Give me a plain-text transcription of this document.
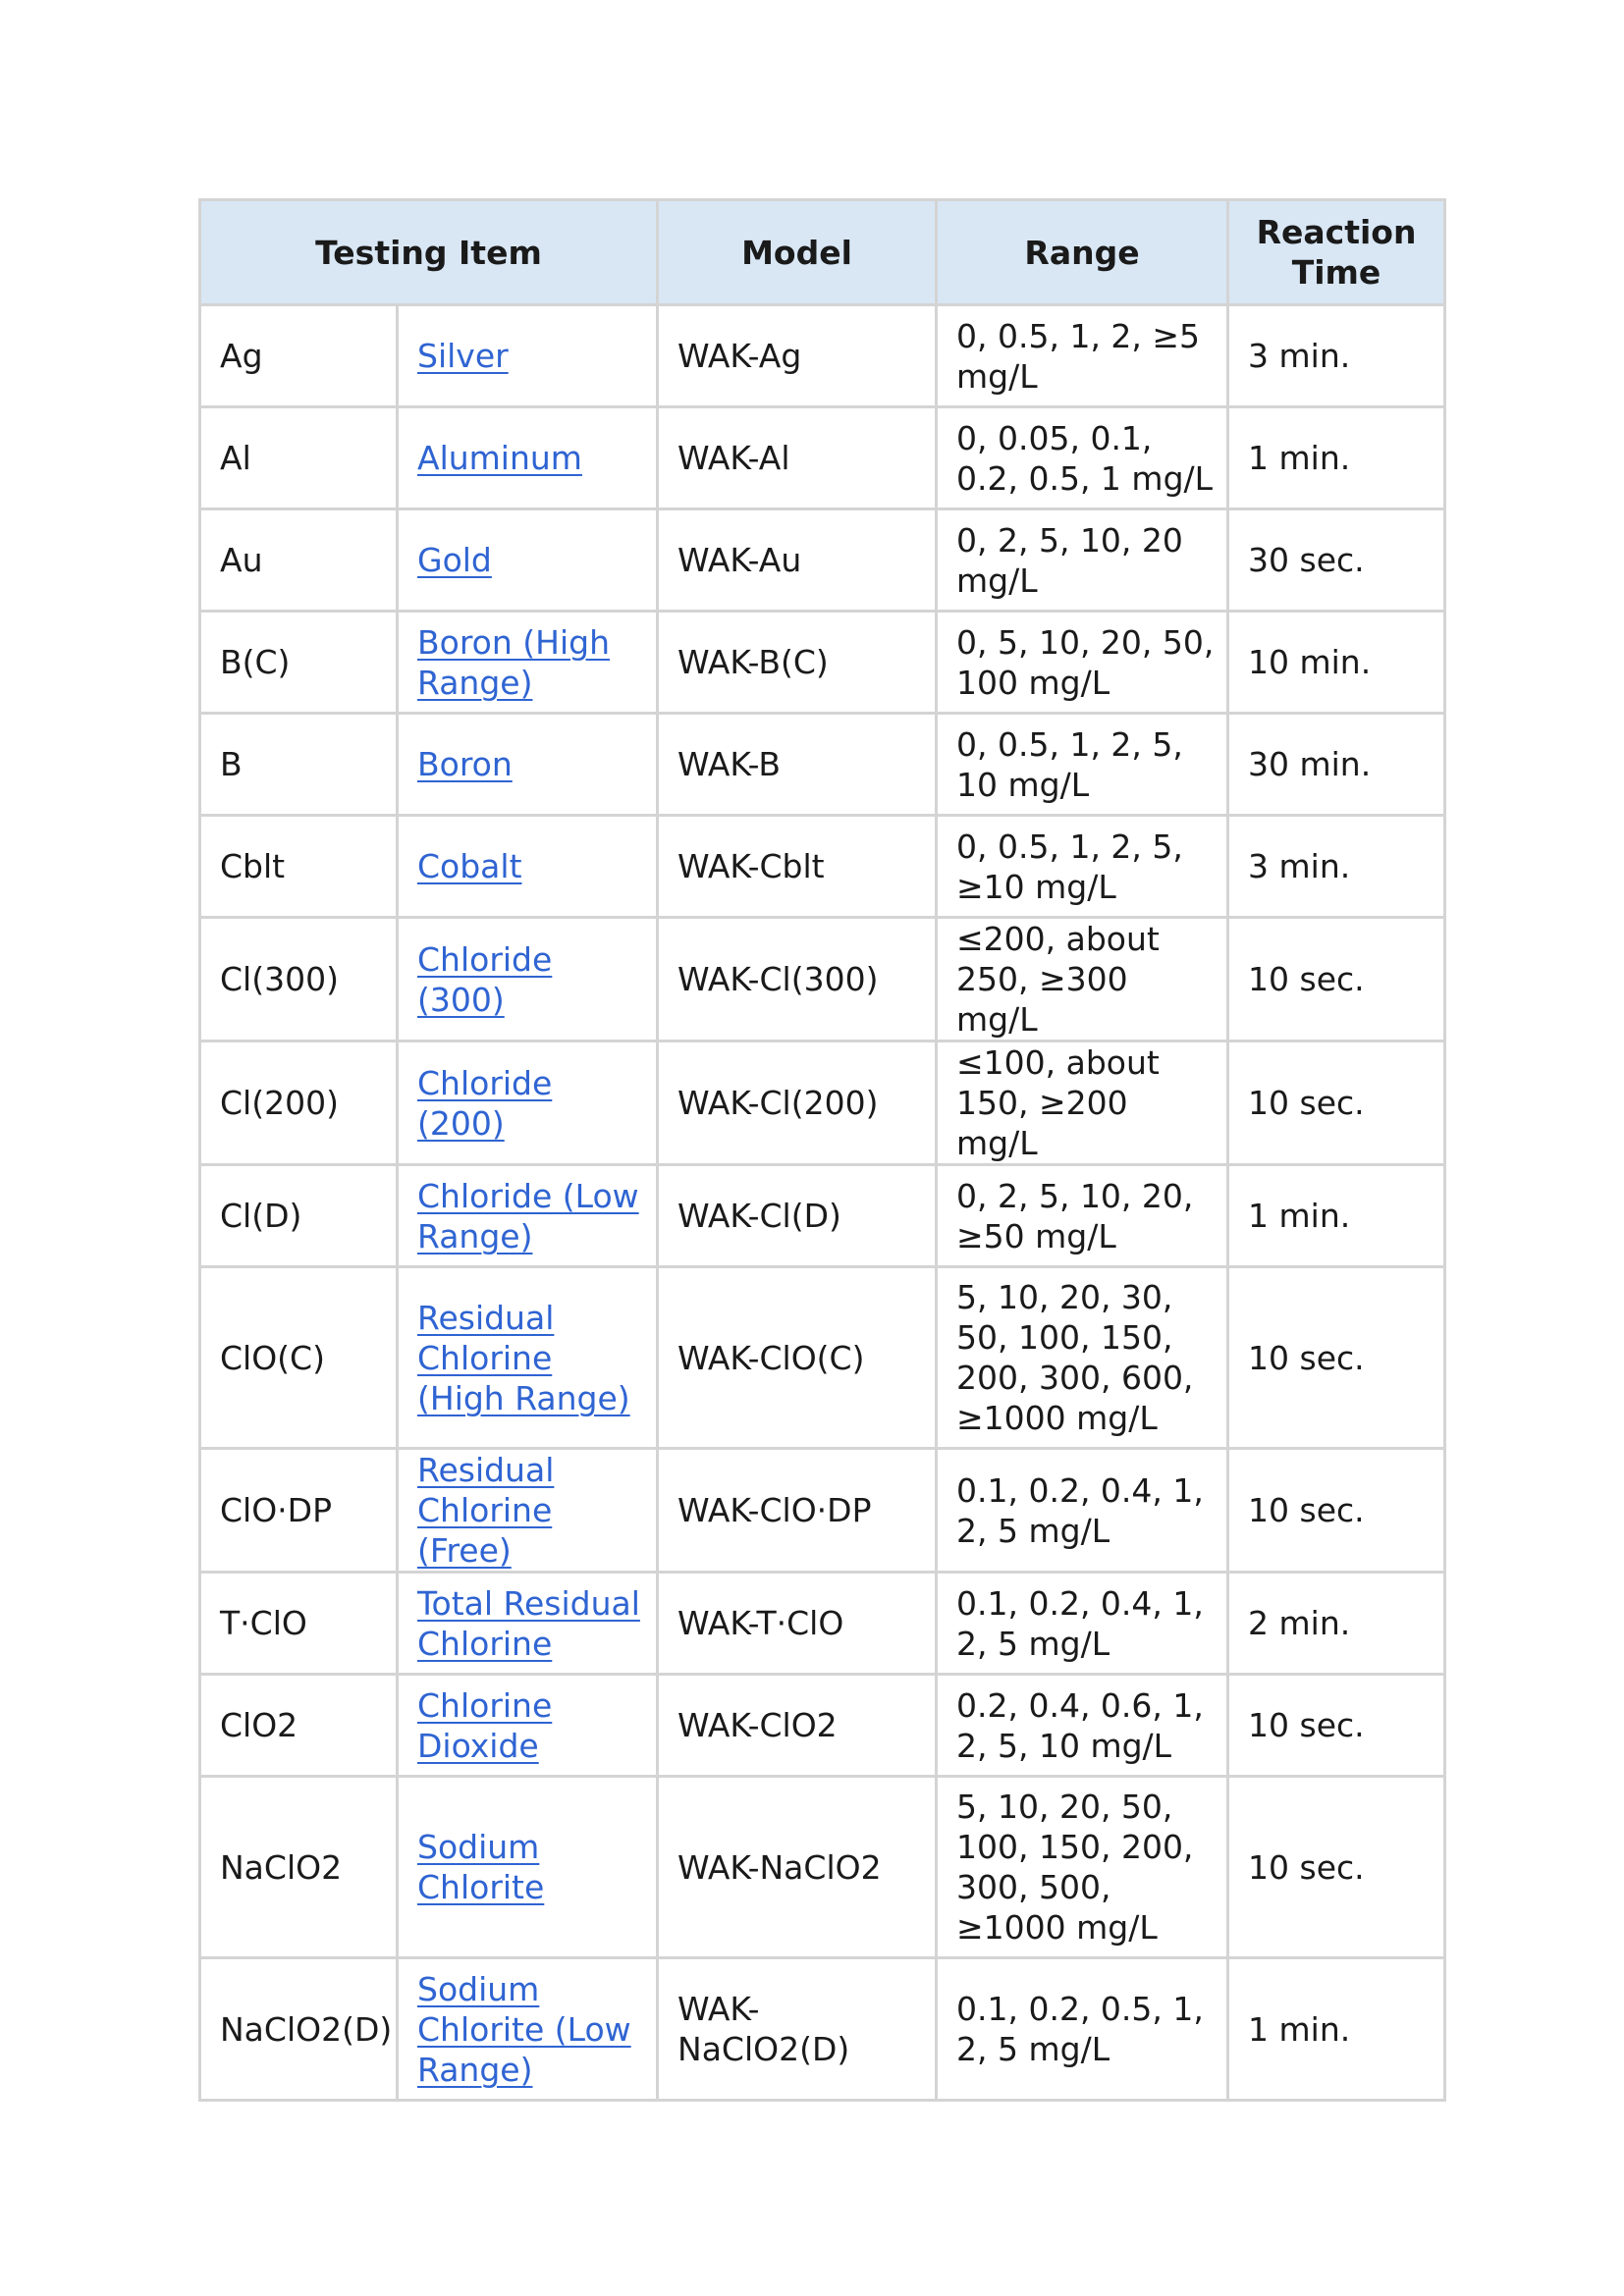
Testing Item		Model	Range	Reaction Time
Ag	Silver	WAK-Ag	0, 0.5, 1, 2, ≥5 mg/L	3 min.
Al	Aluminum	WAK-Al	0, 0.05, 0.1, 0.2, 0.5, 1 mg/L	1 min.
Au	Gold	WAK-Au	0, 2, 5, 10, 20 mg/L	30 sec.
B(C)	Boron (High Range)	WAK-B(C)	0, 5, 10, 20, 50, 100 mg/L	10 min.
B	Boron	WAK-B	0, 0.5, 1, 2, 5, 10 mg/L	30 min.
Cblt	Cobalt	WAK-Cblt	0, 0.5, 1, 2, 5, ≥10 mg/L	3 min.
Cl(300)	Chloride (300)	WAK-Cl(300)	≤200, about 250, ≥300 mg/L	10 sec.
Cl(200)	Chloride (200)	WAK-Cl(200)	≤100, about 150, ≥200 mg/L	10 sec.
Cl(D)	Chloride (Low Range)	WAK-Cl(D)	0, 2, 5, 10, 20, ≥50 mg/L	1 min.
ClO(C)	Residual Chlorine (High Range)	WAK-ClO(C)	5, 10, 20, 30, 50, 100, 150, 200, 300, 600, ≥1000 mg/L	10 sec.
ClO·DP	Residual Chlorine (Free)	WAK-ClO·DP	0.1, 0.2, 0.4, 1, 2, 5 mg/L	10 sec.
T·ClO	Total Residual Chlorine	WAK-T·ClO	0.1, 0.2, 0.4, 1, 2, 5 mg/L	2 min.
ClO2	Chlorine Dioxide	WAK-ClO2	0.2, 0.4, 0.6, 1, 2, 5, 10 mg/L	10 sec.
NaClO2	Sodium Chlorite	WAK-NaClO2	5, 10, 20, 50, 100, 150, 200, 300, 500, ≥1000 mg/L	10 sec.
NaClO2(D)	Sodium Chlorite (Low Range)	WAK-NaClO2(D)	0.1, 0.2, 0.5, 1, 2, 5 mg/L	1 min.
